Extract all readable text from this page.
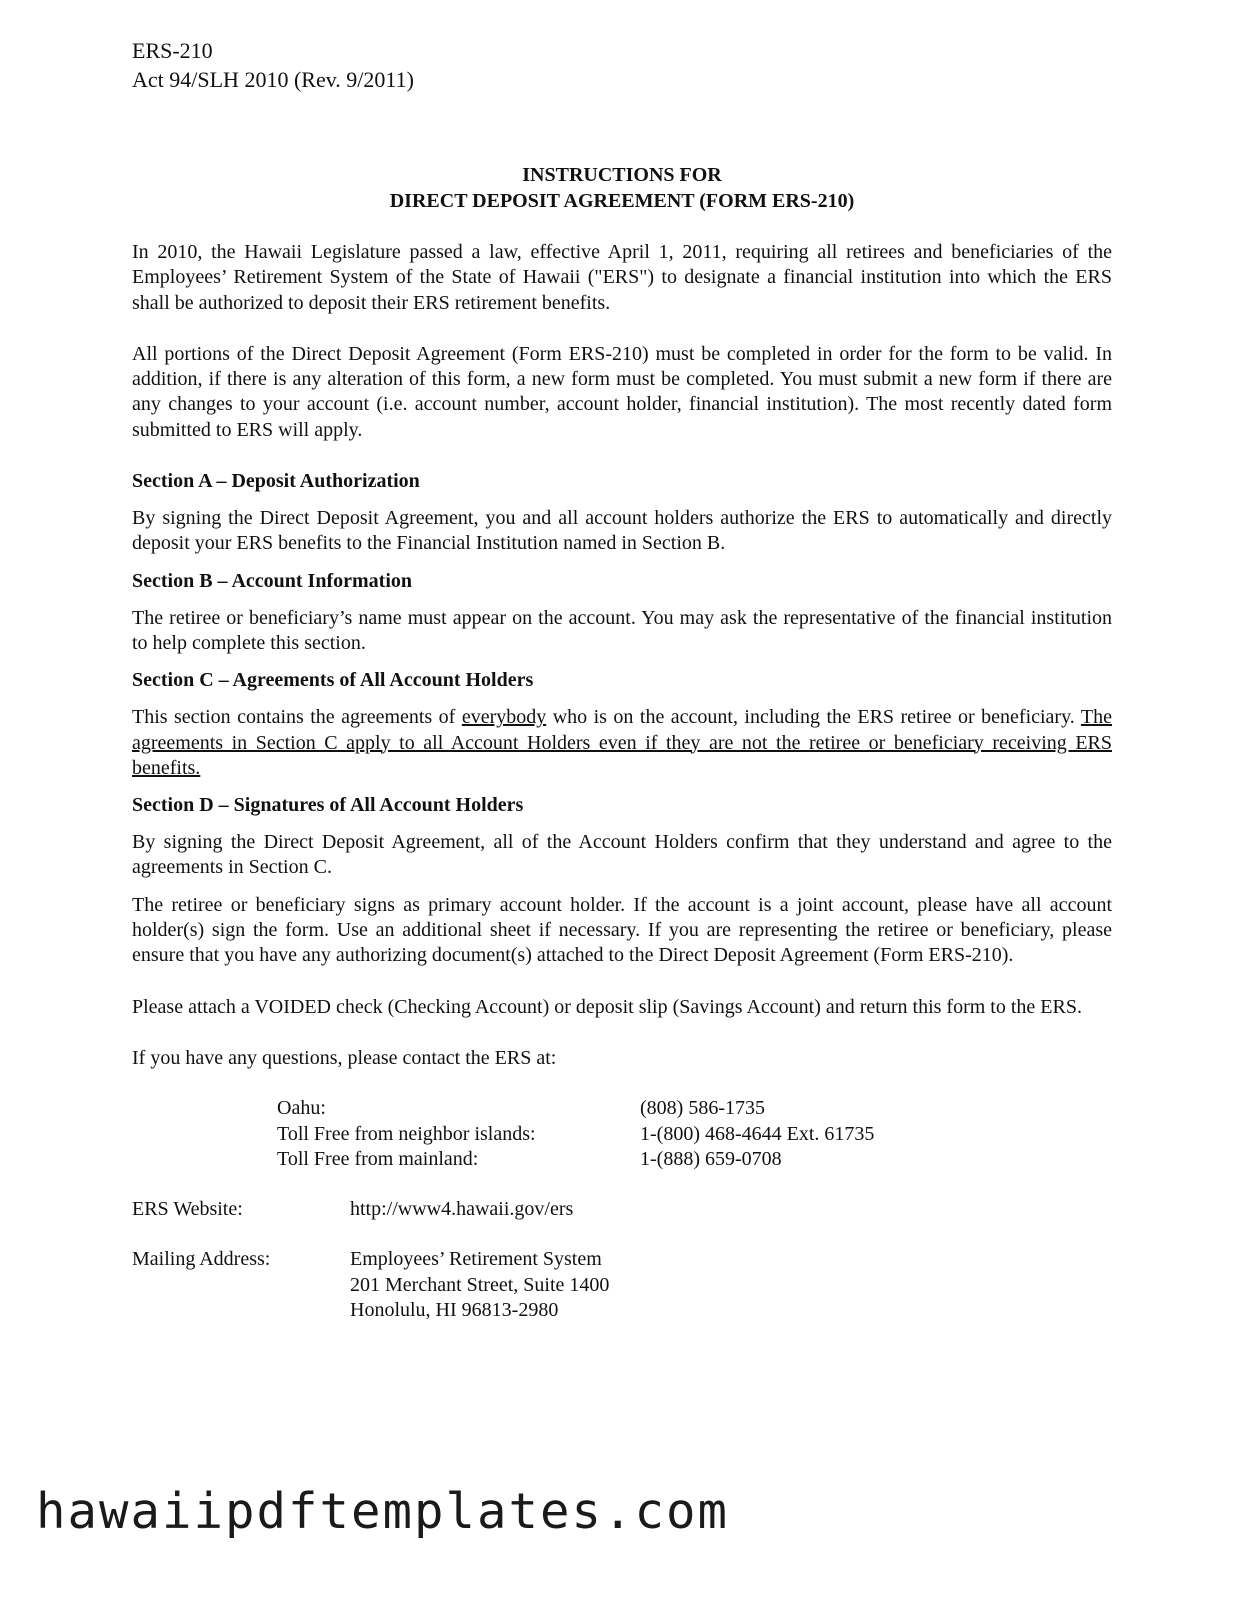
ERS-210
Act 94/SLH 2010 (Rev. 9/2011)
INSTRUCTIONS FOR
DIRECT DEPOSIT AGREEMENT (FORM ERS-210)

In 2010, the Hawaii Legislature passed a law, effective April 1, 2011, requiring all retirees and beneficiaries of the Employees’ Retirement System of the State of Hawaii ("ERS") to designate a financial institution into which the ERS shall be authorized to deposit their ERS retirement benefits.

All portions of the Direct Deposit Agreement (Form ERS-210) must be completed in order for the form to be valid. In addition, if there is any alteration of this form, a new form must be completed. You must submit a new form if there are any changes to your account (i.e. account number, account holder, financial institution). The most recently dated form submitted to ERS will apply.

Section A – Deposit Authorization

By signing the Direct Deposit Agreement, you and all account holders authorize the ERS to automatically and directly deposit your ERS benefits to the Financial Institution named in Section B.

Section B – Account Information

The retiree or beneficiary’s name must appear on the account. You may ask the representative of the financial institution to help complete this section.

Section C – Agreements of All Account Holders

This section contains the agreements of everybody who is on the account, including the ERS retiree or beneficiary. The agreements in Section C apply to all Account Holders even if they are not the retiree or beneficiary receiving ERS benefits.

Section D – Signatures of All Account Holders

By signing the Direct Deposit Agreement, all of the Account Holders confirm that they understand and agree to the agreements in Section C.

The retiree or beneficiary signs as primary account holder. If the account is a joint account, please have all account holder(s) sign the form. Use an additional sheet if necessary. If you are representing the retiree or beneficiary, please ensure that you have any authorizing document(s) attached to the Direct Deposit Agreement (Form ERS-210).

Please attach a VOIDED check (Checking Account) or deposit slip (Savings Account) and return this form to the ERS.

If you have any questions, please contact the ERS at:

Oahu:	(808) 586-1735
Toll Free from neighbor islands:	1-(800) 468-4644 Ext. 61735
Toll Free from mainland:	1-(888) 659-0708
ERS Website:	http://www4.hawaii.gov/ers
Mailing Address:	Employees’ Retirement System
201 Merchant Street, Suite 1400
Honolulu, HI 96813-2980
hawaiipdftemplates.com
